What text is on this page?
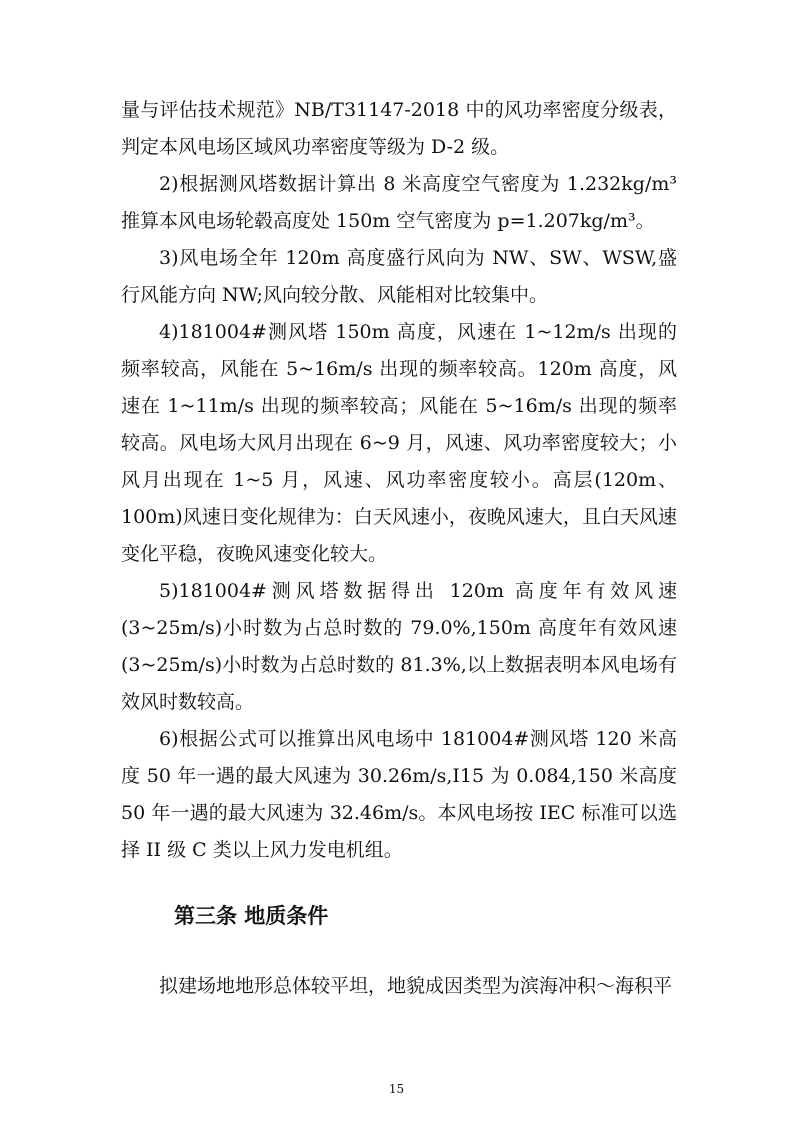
量与评估技术规范》NB/T31147-2018 中的风功率密度分级表，判定本风电场区域风功率密度等级为 D-2 级。

2)根据测风塔数据计算出 8 米高度空气密度为 1.232kg/m³推算本风电场轮毂高度处 150m 空气密度为 p=1.207kg/m³。

3)风电场全年 120m 高度盛行风向为 NW、SW、WSW,盛行风能方向 NW;风向较分散、风能相对比较集中。

4)181004#测风塔 150m 高度，风速在 1~12m/s 出现的频率较高，风能在 5~16m/s 出现的频率较高。120m 高度，风速在 1~11m/s 出现的频率较高；风能在 5~16m/s 出现的频率较高。风电场大风月出现在 6~9 月，风速、风功率密度较大；小风月出现在 1~5 月，风速、风功率密度较小。高层(120m、100m)风速日变化规律为：白天风速小，夜晚风速大，且白天风速变化平稳，夜晚风速变化较大。

5)181004#测风塔数据得出 120m 高度年有效风速(3~25m/s)小时数为占总时数的 79.0%,150m 高度年有效风速(3~25m/s)小时数为占总时数的 81.3%,以上数据表明本风电场有效风时数较高。

6)根据公式可以推算出风电场中 181004#测风塔 120 米高度 50 年一遇的最大风速为 30.26m/s,I15 为 0.084,150 米高度 50 年一遇的最大风速为 32.46m/s。本风电场按 IEC 标准可以选择 II 级 C 类以上风力发电机组。

第三条 地质条件

拟建场地地形总体较平坦，地貌成因类型为滨海冲积～海积平

15
